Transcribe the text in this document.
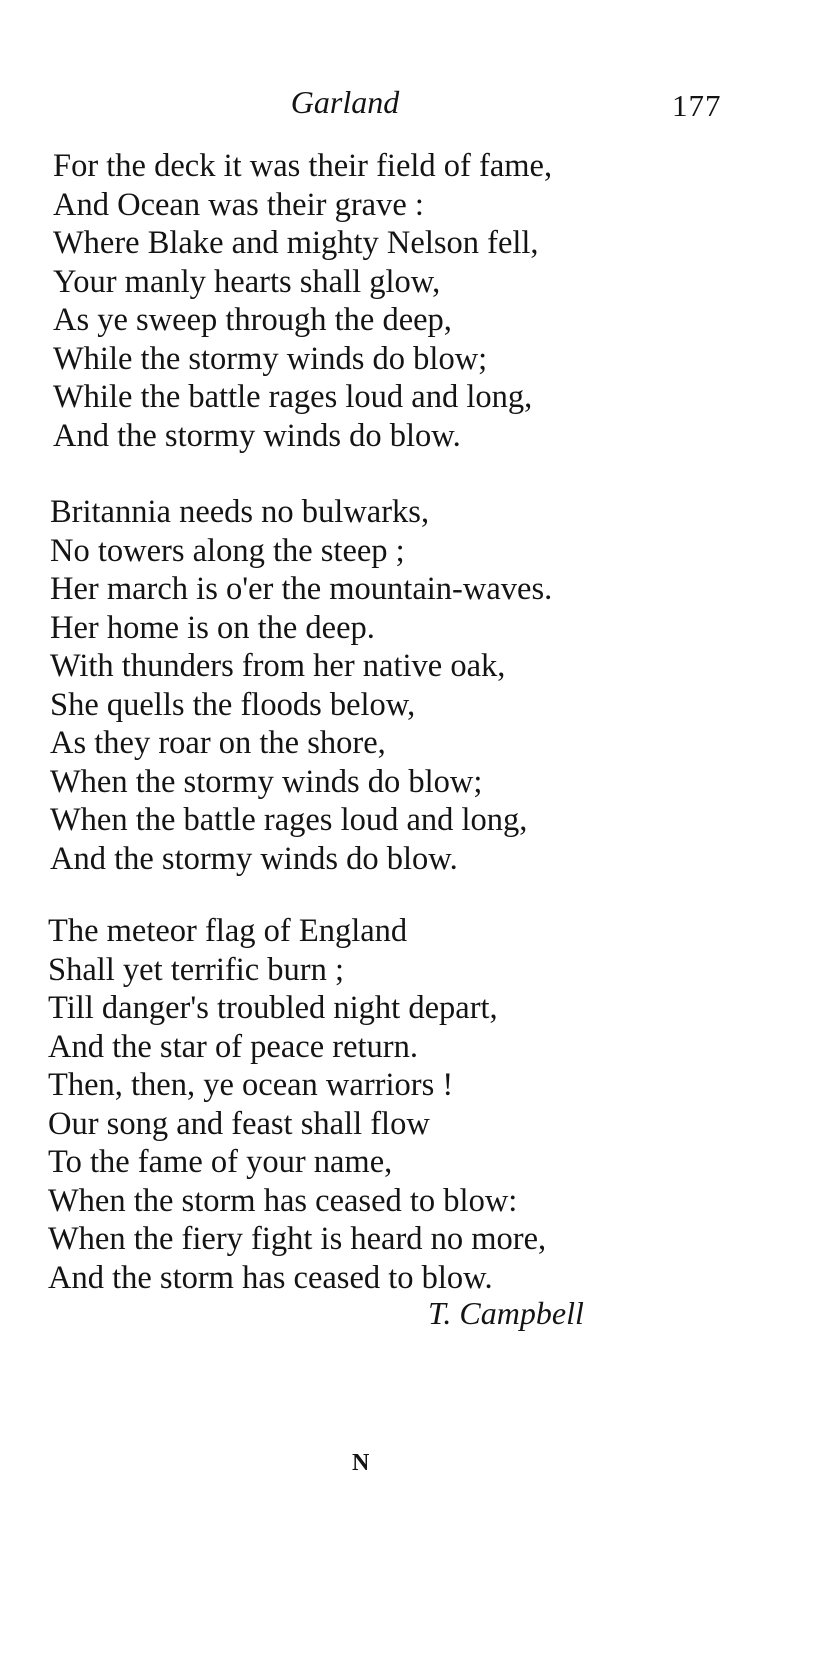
Garland	177
For the deck it was their field of fame,
And Ocean was their grave :
Where Blake and mighty Nelson fell,
Your manly hearts shall glow,
As ye sweep through the deep,
While the stormy winds do blow;
While the battle rages loud and long,
And the stormy winds do blow.
Britannia needs no bulwarks,
No towers along the steep ;
Her march is o'er the mountain-waves.
Her home is on the deep.
With thunders from her native oak,
She quells the floods below,
As they roar on the shore,
When the stormy winds do blow;
When the battle rages loud and long,
And the stormy winds do blow.
The meteor flag of England
Shall yet terrific burn ;
Till danger's troubled night depart,
And the star of peace return.
Then, then, ye ocean warriors !
Our song and feast shall flow
To the fame of your name,
When the storm has ceased to blow:
When the fiery fight is heard no more,
And the storm has ceased to blow.
T. Campbell
N
